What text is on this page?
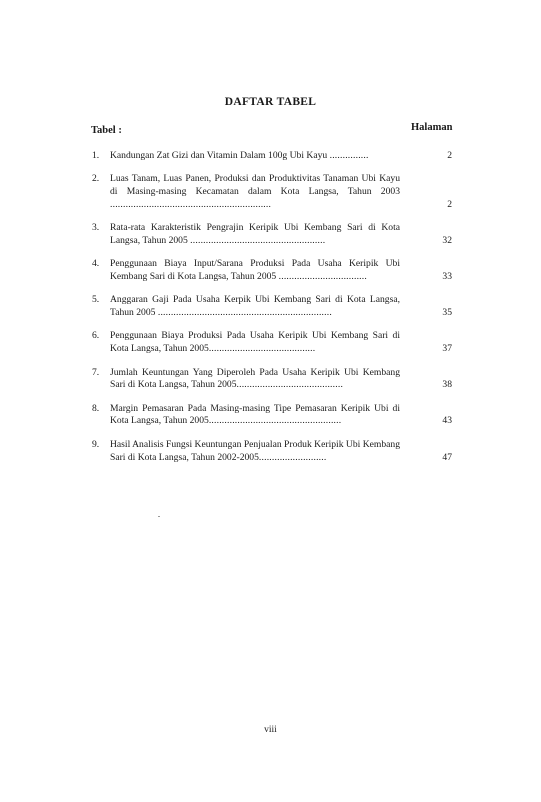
DAFTAR TABEL
Tabel :	Halaman
1.	Kandungan Zat Gizi dan Vitamin Dalam 100g Ubi Kayu ...............	2
2.	Luas Tanam, Luas Panen, Produksi dan Produktivitas Tanaman Ubi Kayu di Masing-masing Kecamatan dalam Kota Langsa, Tahun 2003 ..............................................................	2
3.	Rata-rata Karakteristik Pengrajin Keripik Ubi Kembang Sari di Kota Langsa, Tahun 2005 ....................................................	32
4.	Penggunaan Biaya Input/Sarana Produksi Pada Usaha Keripik Ubi Kembang Sari di Kota Langsa, Tahun 2005 ..................................	33
5.	Anggaran Gaji Pada Usaha Kerpik Ubi Kembang Sari di Kota Langsa, Tahun 2005 ...................................................................	35
6.	Penggunaan Biaya Produksi Pada Usaha Keripik Ubi Kembang Sari di Kota Langsa, Tahun 2005.........................................	37
7.	Jumlah Keuntungan Yang Diperoleh Pada Usaha Keripik Ubi Kembang Sari di Kota Langsa, Tahun 2005.........................................	38
8.	Margin Pemasaran Pada Masing-masing Tipe Pemasaran Keripik Ubi di Kota Langsa, Tahun 2005...................................................	43
9.	Hasil Analisis Fungsi Keuntungan Penjualan Produk Keripik Ubi Kembang Sari di Kota Langsa, Tahun 2002-2005..........................	47
viii
